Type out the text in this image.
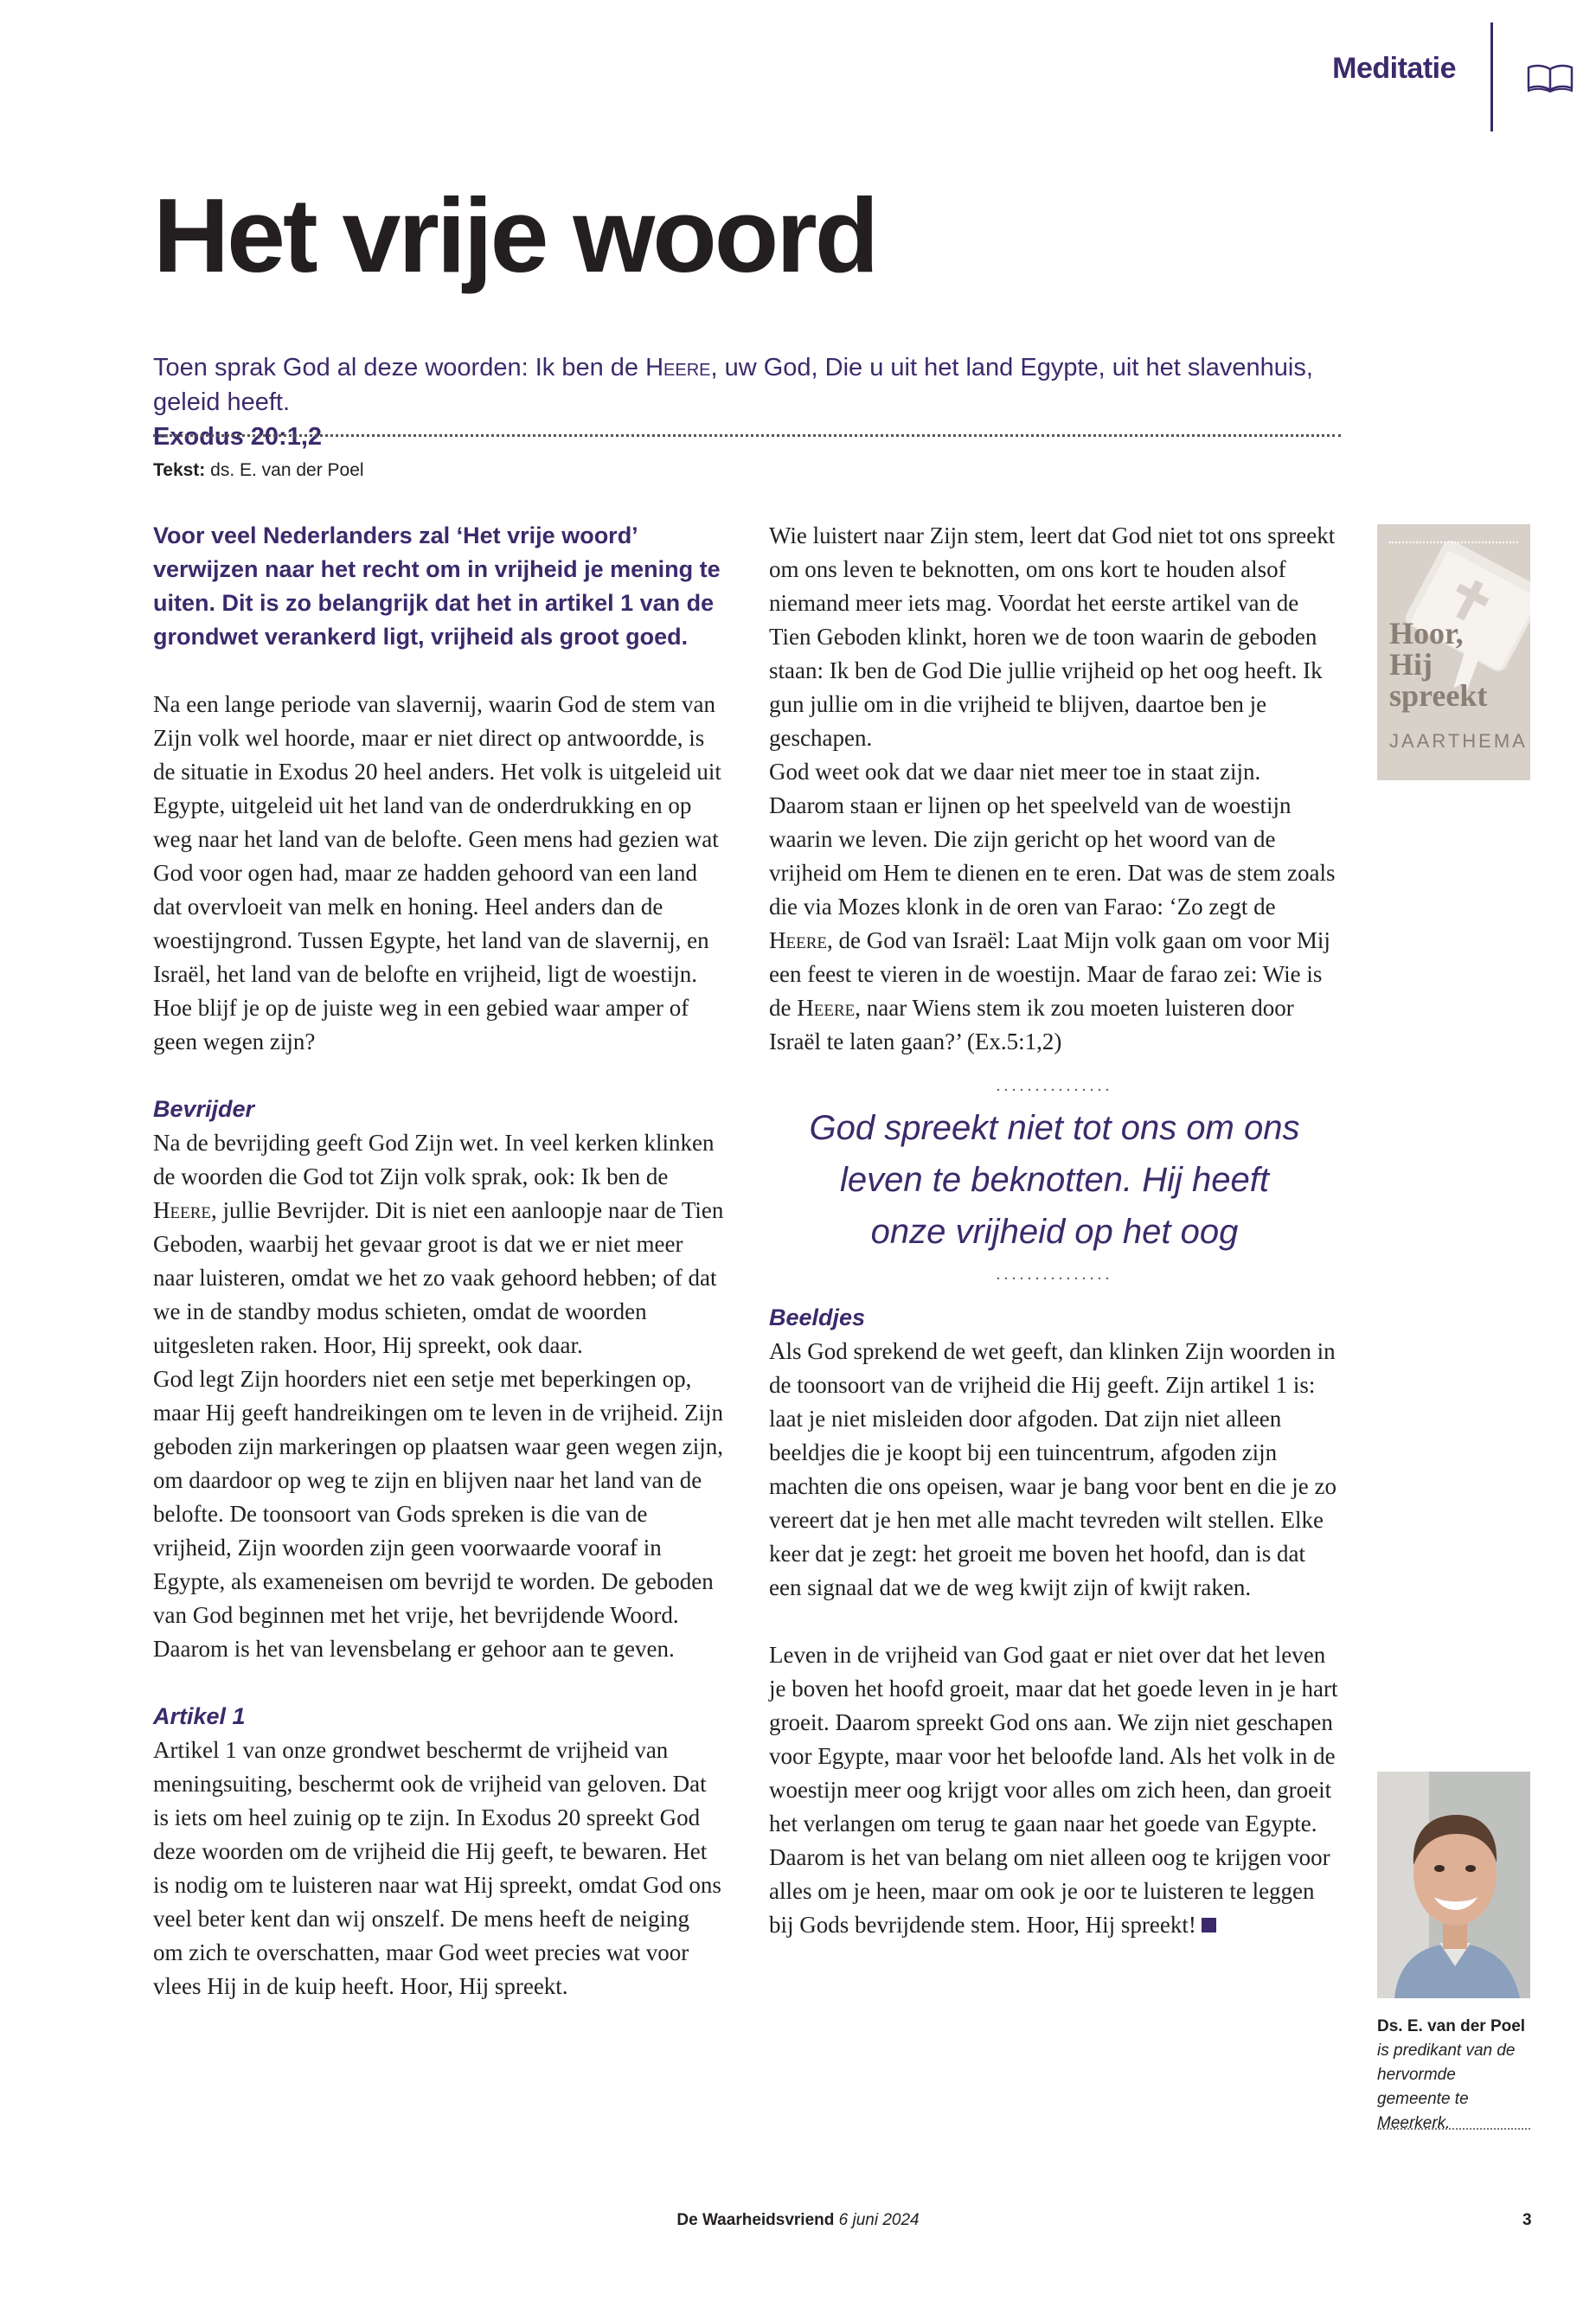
Meditatie
Het vrije woord
Toen sprak God al deze woorden: Ik ben de Heere, uw God, Die u uit het land Egypte, uit het slavenhuis, geleid heeft.
Exodus 20:1,2
Tekst: ds. E. van der Poel

Voor veel Nederlanders zal ‘Het vrije woord’ verwijzen naar het recht om in vrijheid je mening te uiten. Dit is zo belangrijk dat het in artikel 1 van de grondwet verankerd ligt, vrijheid als groot goed.

Na een lange periode van slavernij, waarin God de stem van Zijn volk wel hoorde, maar er niet direct op antwoordde, is de situatie in Exodus 20 heel anders. Het volk is uitgeleid uit Egypte, uitgeleid uit het land van de onderdrukking en op weg naar het land van de belofte. Geen mens had gezien wat God voor ogen had, maar ze hadden gehoord van een land dat overvloeit van melk en honing. Heel anders dan de woestijngrond. Tussen Egypte, het land van de slavernij, en Israël, het land van de belofte en vrijheid, ligt de woestijn. Hoe blijf je op de juiste weg in een gebied waar amper of geen wegen zijn?

Bevrijder

Na de bevrijding geeft God Zijn wet. In veel kerken klinken de woorden die God tot Zijn volk sprak, ook: Ik ben de Heere, jullie Bevrijder. Dit is niet een aanloopje naar de Tien Geboden, waarbij het gevaar groot is dat we er niet meer naar luisteren, omdat we het zo vaak gehoord hebben; of dat we in de standby modus schieten, omdat de woorden uitgesleten raken. Hoor, Hij spreekt, ook daar.

God legt Zijn hoorders niet een setje met beperkingen op, maar Hij geeft handreikingen om te leven in de vrijheid. Zijn geboden zijn markeringen op plaatsen waar geen wegen zijn, om daardoor op weg te zijn en blijven naar het land van de belofte. De toonsoort van Gods spreken is die van de vrijheid, Zijn woorden zijn geen voorwaarde vooraf in Egypte, als exameneisen om bevrijd te worden. De geboden van God beginnen met het vrije, het bevrijdende Woord. Daarom is het van levensbelang er gehoor aan te geven.

Artikel 1

Artikel 1 van onze grondwet beschermt de vrijheid van meningsuiting, beschermt ook de vrijheid van geloven. Dat is iets om heel zuinig op te zijn. In Exodus 20 spreekt God deze woorden om de vrijheid die Hij geeft, te bewaren. Het is nodig om te luisteren naar wat Hij spreekt, omdat God ons veel beter kent dan wij onszelf. De mens heeft de neiging om zich te overschatten, maar God weet precies wat voor vlees Hij in de kuip heeft. Hoor, Hij spreekt.

Wie luistert naar Zijn stem, leert dat God niet tot ons spreekt om ons leven te beknotten, om ons kort te houden alsof niemand meer iets mag. Voordat het eerste artikel van de Tien Geboden klinkt, horen we de toon waarin de geboden staan: Ik ben de God Die jullie vrijheid op het oog heeft. Ik gun jullie om in die vrijheid te blijven, daartoe ben je geschapen.

God weet ook dat we daar niet meer toe in staat zijn. Daarom staan er lijnen op het speelveld van de woestijn waarin we leven. Die zijn gericht op het woord van de vrijheid om Hem te dienen en te eren. Dat was de stem zoals die via Mozes klonk in de oren van Farao: ‘Zo zegt de Heere, de God van Israël: Laat Mijn volk gaan om voor Mij een feest te vieren in de woestijn. Maar de farao zei: Wie is de Heere, naar Wiens stem ik zou moeten luisteren door Israël te laten gaan?’ (Ex.5:1,2)

...............
God spreekt niet tot ons om ons leven te beknotten. Hij heeft onze vrijheid op het oog
...............

Beeldjes

Als God sprekend de wet geeft, dan klinken Zijn woorden in de toonsoort van de vrijheid die Hij geeft. Zijn artikel 1 is: laat je niet misleiden door afgoden. Dat zijn niet alleen beeldjes die je koopt bij een tuincentrum, afgoden zijn machten die ons opeisen, waar je bang voor bent en die je zo vereert dat je hen met alle macht tevreden wilt stellen. Elke keer dat je zegt: het groeit me boven het hoofd, dan is dat een signaal dat we de weg kwijt zijn of kwijt raken.

Leven in de vrijheid van God gaat er niet over dat het leven je boven het hoofd groeit, maar dat het goede leven in je hart groeit. Daarom spreekt God ons aan. We zijn niet geschapen voor Egypte, maar voor het beloofde land. Als het volk in de woestijn meer oog krijgt voor alles om zich heen, dan groeit het verlangen om terug te gaan naar het goede van Egypte. Daarom is het van belang om niet alleen oog te krijgen voor alles om je heen, maar om ook je oor te luisteren te leggen bij Gods bevrijdende stem. Hoor, Hij spreekt!

Hoor,
Hij
spreekt
JAARTHEMA
Ds. E. van der Poel
is predikant van de hervormde gemeente te Meerkerk.
De Waarheidsvriend 6 juni 2024	3
